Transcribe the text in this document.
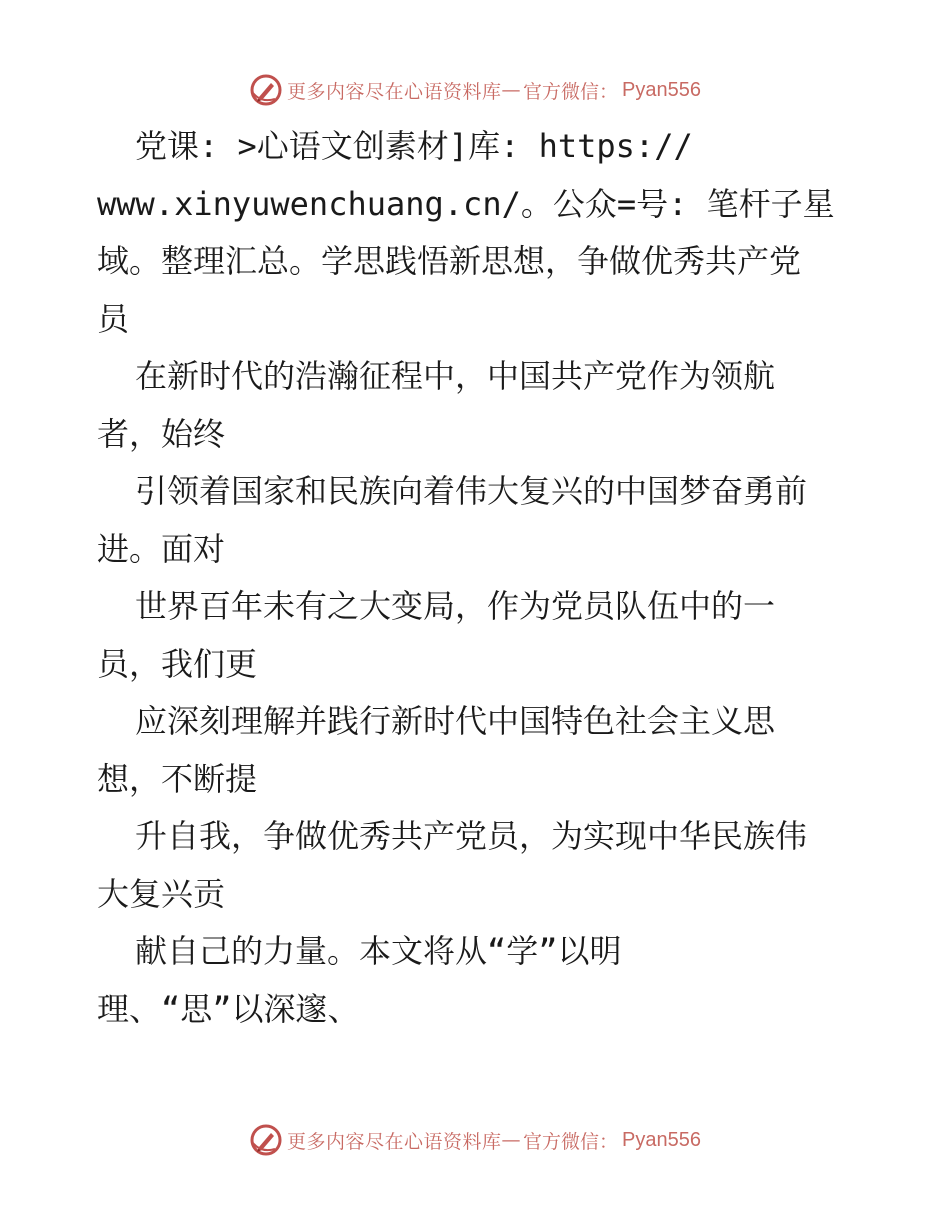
更多内容尽在心语资料库 — 官方微信： Pyan556
党课: >心语文创素材]库: https://
www.xinyuwenchuang.cn/。公众=号: 笔杆子星
域。整理汇总。学思践悟新思想，争做优秀共产党
员
在新时代的浩瀚征程中，中国共产党作为领航
者，始终
引领着国家和民族向着伟大复兴的中国梦奋勇前
进。面对
世界百年未有之大变局，作为党员队伍中的一
员，我们更
应深刻理解并践行新时代中国特色社会主义思
想，不断提
升自我，争做优秀共产党员，为实现中华民族伟
大复兴贡
献自己的力量。本文将从“学”以明
理、“思”以深邃、
更多内容尽在心语资料库 — 官方微信： Pyan556
